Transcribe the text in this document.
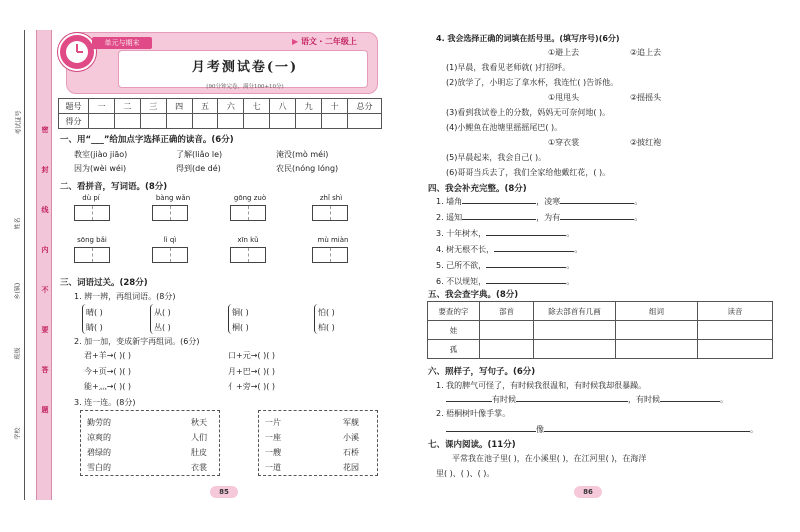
考试证号
姓名
乡(镇)
班级
学校
密
封
线
内
不
要
答
题
单元与期末	▶ 语文・二年级上
月考测试卷(一)
(90分钟完卷，满分100+10分)
题号	一	二	三	四	五	六	七	八	九	十	总分
得分											
一、用“___”给加点字选择正确的读音。(6分)
教室(jiào jiāo)	了解(liǎo le)	淹没(mò méi)
因为(wèi wéi)	得到(de dé)	农民(nóng lóng)
二、看拼音，写词语。(8分)
dù pí	bàng wǎn	gōng zuò	zhǐ shì
sōng bǎi	lì qì	xīn kǔ	mù miàn
三、词语过关。(28分)
1. 辨一辨，再组词语。(8分)
晴( )
睛( )
从( )
丛( )
铜( )
桐( )
怕( )
柏( )
2. 加一加，变成新字再组词。(6分)
君+羊→( )( )
今+页→( )( )
能+灬→( )( )
口+元→( )( )
月+巴→( )( )
亻+旁→( )( )
3. 连一连。(8分)
勤劳的
凉爽的
碧绿的
雪白的
秋天
人们
肚皮
衣裳
一片
一座
一艘
一道
军舰
小溪
石桥
花园
85
4. 我会选择正确的词填在括号里。(填写序号)(6分)
①避上去	②追上去
(1)早晨，我看见老师就( )打招呼。
(2)放学了，小明忘了拿水杯，我连忙( )告诉他。
①甩甩头	②摇摇头
(3)看到我试卷上的分数，妈妈无可奈何地( )。
(4)小鲤鱼在池塘里摇摇尾巴( )。
①穿衣裳	②披红袍
(5)早晨起来，我会自己( )。
(6)哥哥当兵去了，我们全家给他戴红花，( )。
四、我会补充完整。(8分)
1. 墙角	，凌寒	。
2. 遥知	，为有	。
3. 十年树木，	。
4. 树无根不长，	。
5. 己所不欲，	。
6. 不以规矩，	。
五、我会查字典。(8分)
要查的字	部首	除去部首有几画	组词	读音
娃				
孤				
六、照样子，写句子。(6分)
1. 我的脾气可怪了，有时候我很温和，有时候我却很暴躁。
有时候	，有时候	。
2. 梧桐树叶像手掌。
像	。
七、课内阅读。(11分)
平常我在池子里( )，在小溪里( )，在江河里( )，在海洋
里( )、( )、( )。
86
